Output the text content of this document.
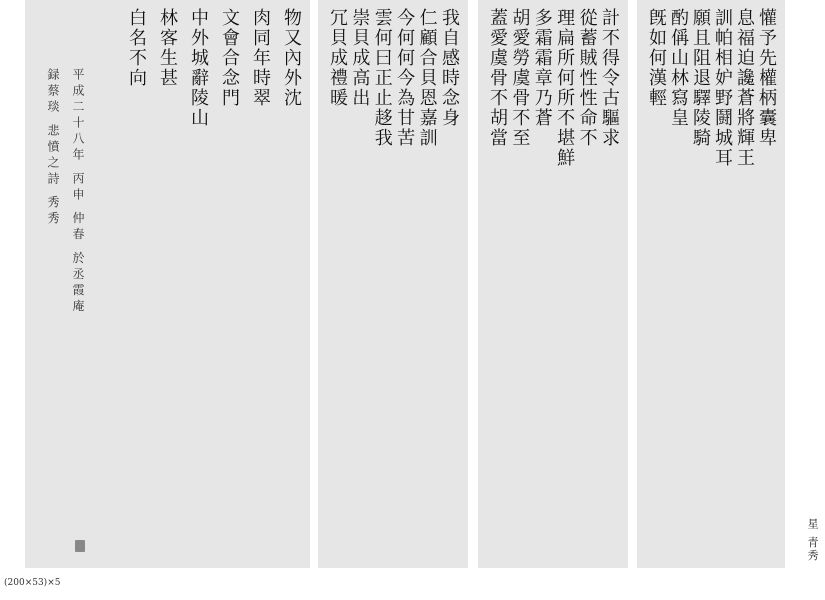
懽予先權柄囊卑
息福迫讒蒼將輝王
訓帕相妒野鬪城耳
願且阻退驛陵騎
酌偁山林寫皇
旣如何漢輕
計不得令古驅求
從蓄賊性性命不
理扁所何所不堪鮮
多霜霜章乃蒼
胡愛勞虞骨不至
蓋愛虞骨不胡當
我自感時念身
仁顧合貝恩嘉訓
今何何今為甘苦
雲何曰正止趍我
崇貝成高出
冗貝成禮暖
物又內外沈
肉同年時翠
文會合念門
中外城辭陵山
林客生甚
白名不向
平成二十八年 丙申 仲春 於丞霞庵
録蔡琰 悲憤之詩 秀秀
星 青秀
(200×53)×5
